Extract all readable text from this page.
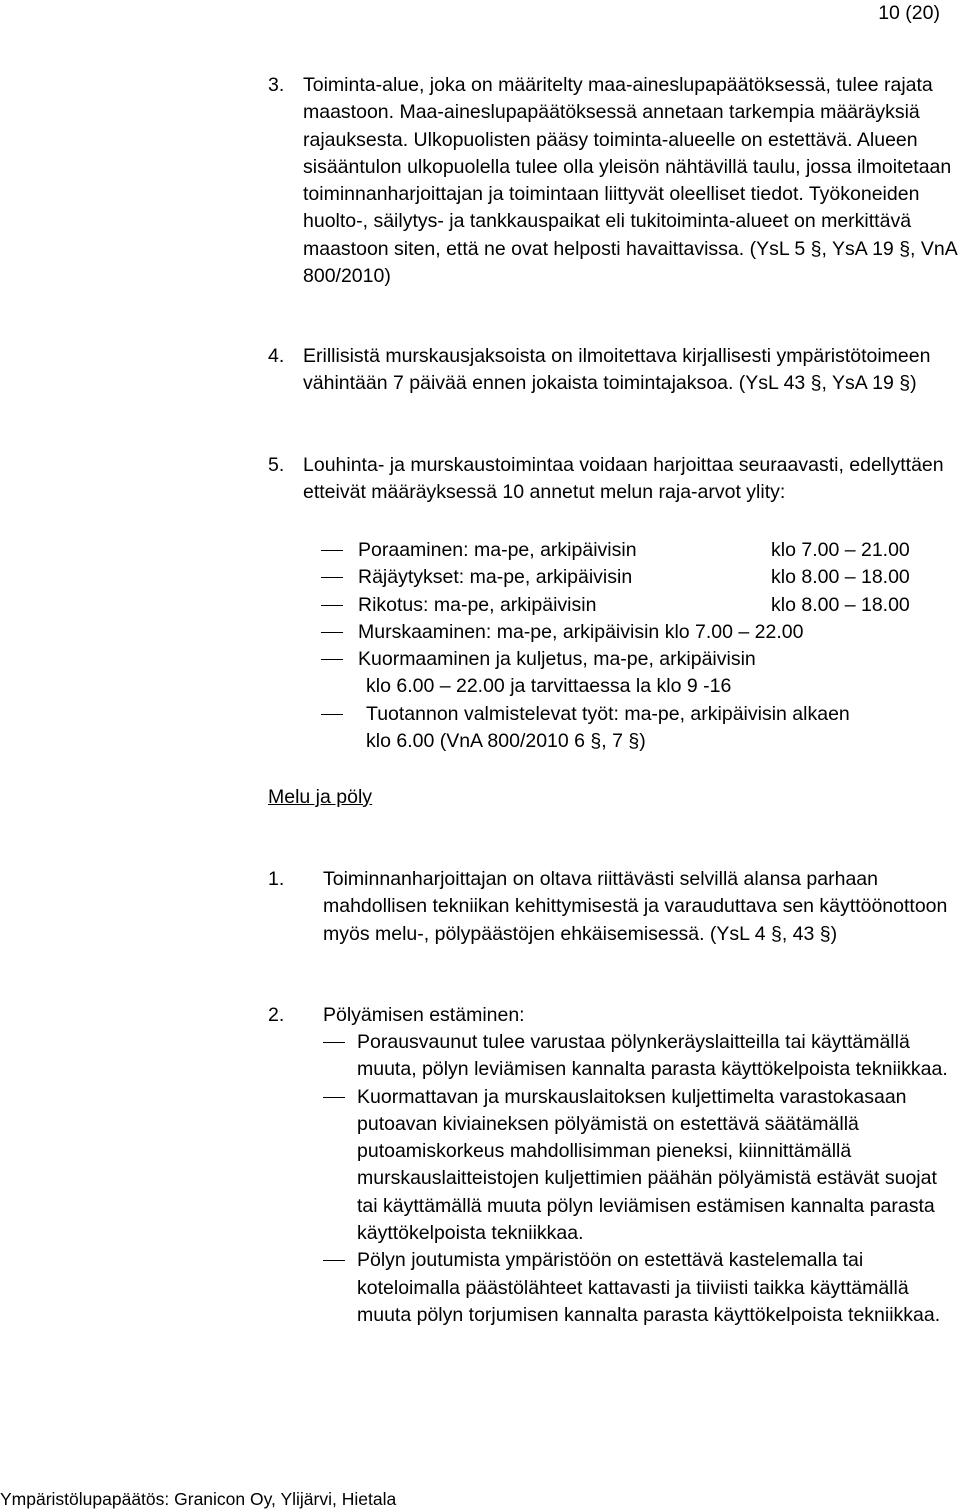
10 (20)
3. Toiminta-alue, joka on määritelty maa-aineslupapäätöksessä, tulee rajata maastoon. Maa-aineslupapäätöksessä annetaan tarkempia määräyksiä rajauksesta. Ulkopuolisten pääsy toiminta-alueelle on estettävä. Alueen sisääntulon ulkopuolella tulee olla yleisön nähtävillä taulu, jossa ilmoitetaan toiminnanharjoittajan ja toimintaan liittyvät oleelliset tiedot. Työkoneiden huolto-, säilytys- ja tankkauspaikat eli tukitoiminta-alueet on merkittävä maastoon siten, että ne ovat helposti havaittavissa. (YsL 5 §, YsA 19 §, VnA 800/2010)
4. Erillisistä murskausjaksoista on ilmoitettava kirjallisesti ympäristötoimeen vähintään 7 päivää ennen jokaista toimintajaksoa. (YsL 43 §, YsA 19 §)
5. Louhinta- ja murskaustoimintaa voidaan harjoittaa seuraavasti, edellyttäen etteivät määräyksessä 10 annetut melun raja-arvot ylity:
Poraaminen: ma-pe, arkipäivisin	klo 7.00 – 21.00
Räjäytykset: ma-pe, arkipäivisin	klo 8.00 – 18.00
Rikotus: ma-pe, arkipäivisin	klo 8.00 – 18.00
Murskaaminen: ma-pe, arkipäivisin klo 7.00 – 22.00
Kuormaaminen ja kuljetus, ma-pe, arkipäivisin
klo 6.00 – 22.00 ja tarvittaessa la klo 9 -16
Tuotannon valmistelevat työt: ma-pe, arkipäivisin alkaen
klo 6.00 (VnA 800/2010 6 §, 7 §)
Melu ja pöly
1. Toiminnanharjoittajan on oltava riittävästi selvillä alansa parhaan mahdollisen tekniikan kehittymisestä ja varauduttava sen käyttöönottoon myös melu-, pölypäästöjen ehkäisemisessä. (YsL 4 §, 43 §)
2. Pölyämisen estäminen:
Porausvaunut tulee varustaa pölynkeräyslaitteilla tai käyttämällä muuta, pölyn leviämisen kannalta parasta käyttökelpoista tekniikkaa.
Kuormattavan ja murskauslaitoksen kuljettimelta varastokasaan putoavan kiviaineksen pölyämistä on estettävä säätämällä putoamiskorkeus mahdollisimman pieneksi, kiinnittämällä murskauslaitteistojen kuljettimien päähän pölyämistä estävät suojat tai käyttämällä muuta pölyn leviämisen estämisen kannalta parasta käyttökelpoista tekniikkaa.
Pölyn joutumista ympäristöön on estettävä kastelemalla tai koteloimalla päästölähteet kattavasti ja tiiviisti taikka käyttämällä muuta pölyn torjumisen kannalta parasta käyttökelpoista tekniikkaa.
Ympäristölupapäätös: Granicon Oy, Ylijärvi, Hietala
